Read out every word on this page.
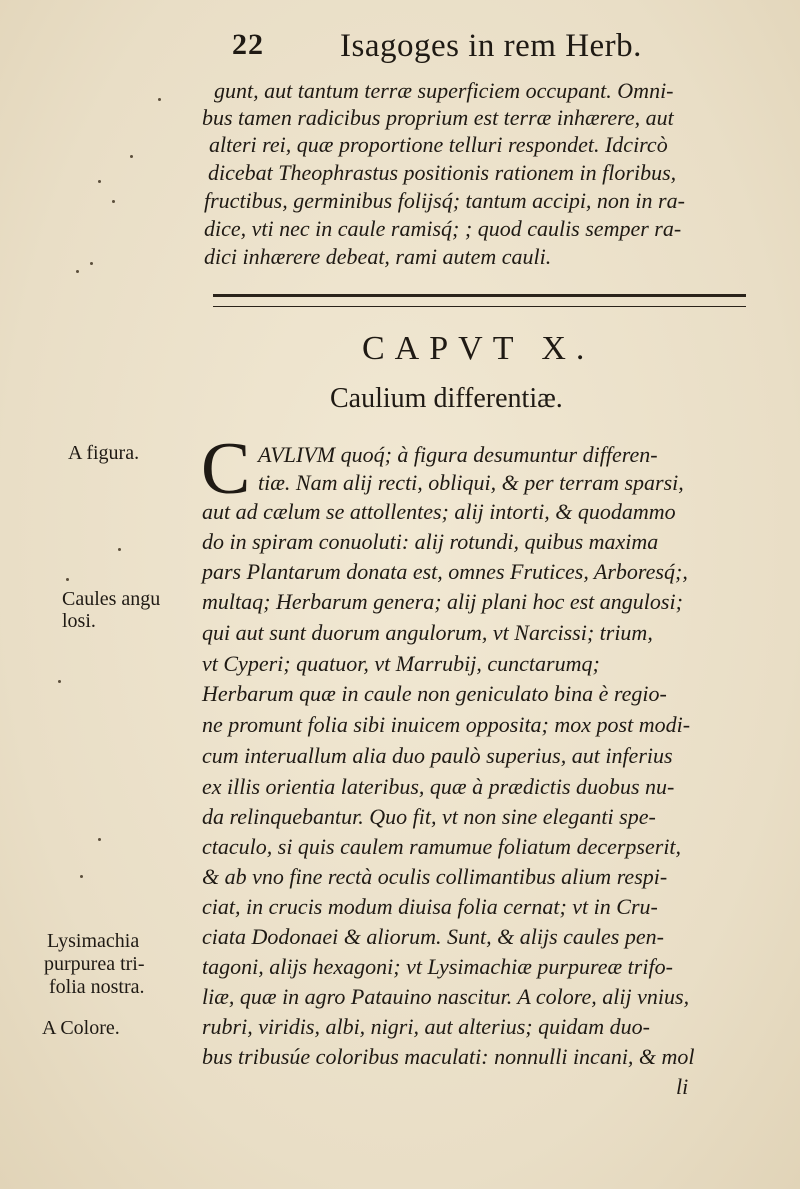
22 Isagoges in rem Herb.
gunt, aut tantum terræ superficiem occupant. Omni-
bus tamen radicibus proprium est terræ inhærere, aut
alteri rei, quæ proportione telluri respondet. Idcircò
dicebat Theophrastus positionis rationem in floribus,
fructibus, germinibus folijsq́; tantum accipi, non in ra-
dice, vti nec in caule ramisq́; ; quod caulis semper ra-
dici inhærere debeat, rami autem cauli.
CAPVT X.
Caulium differentiæ.
C AVLIVM quoq́; à figura desumuntur differen-
tiæ. Nam alij recti, obliqui, & per terram sparsi,
aut ad cælum se attollentes; alij intorti, & quodammo
do in spiram conuoluti: alij rotundi, quibus maxima
pars Plantarum donata est, omnes Frutices, Arboresq́;,
multaq; Herbarum genera; alij plani hoc est angulosi;
qui aut sunt duorum angulorum, vt Narcissi; trium,
vt Cyperi; quatuor, vt Marrubij, cunctarumq;
Herbarum quæ in caule non geniculato bina è regio-
ne promunt folia sibi inuicem opposita; mox post modi-
cum interuallum alia duo paulò superius, aut inferius
ex illis orientia lateribus, quæ à prædictis duobus nu-
da relinquebantur. Quo fit, vt non sine eleganti spe-
ctaculo, si quis caulem ramumue foliatum decerpserit,
& ab vno fine rectà oculis collimantibus alium respi-
ciat, in crucis modum diuisa folia cernat; vt in Cru-
ciata Dodonaei & aliorum. Sunt, & alijs caules pen-
tagoni, alijs hexagoni; vt Lysimachiæ purpureæ trifo-
liæ, quæ in agro Patauino nascitur. A colore, alij vnius,
rubri, viridis, albi, nigri, aut alterius; quidam duo-
bus tribusúe coloribus maculati: nonnulli incani, & mol
li
A figura.
Caules angu
losi.
Lysimachia
purpurea tri-
folia nostra.
A Colore.
